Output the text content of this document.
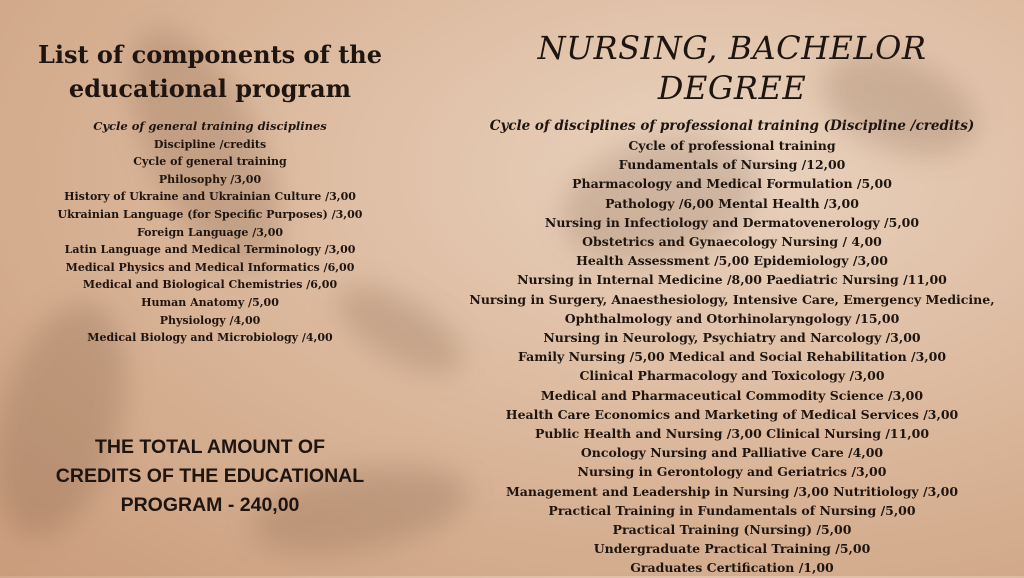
List of components of the
educational program
Cycle of general training disciplines
Discipline /credits
Cycle of general training
Philosophy /3,00
History of Ukraine and Ukrainian Culture /3,00
Ukrainian Language (for Specific Purposes) /3,00
Foreign Language /3,00
Latin Language and Medical Terminology /3,00
Medical Physics and Medical Informatics /6,00
Medical and Biological Chemistries /6,00
Human Anatomy /5,00
Physiology /4,00
Medical Biology and Microbiology /4,00
THE TOTAL AMOUNT OF
CREDITS OF THE EDUCATIONAL
PROGRAM - 240,00
NURSING, BACHELOR DEGREE
Cycle of disciplines of professional training (Discipline /credits)
Cycle of professional training
Fundamentals of Nursing /12,00
Pharmacology and Medical Formulation /5,00
Pathology /6,00 Mental Health /3,00
Nursing in Infectiology and Dermatovenerology /5,00
Obstetrics and Gynaecology Nursing / 4,00
Health Assessment /5,00 Epidemiology /3,00
Nursing in Internal Medicine /8,00 Paediatric Nursing /11,00
Nursing in Surgery, Anaesthesiology, Intensive Care, Emergency Medicine,
Ophthalmology and Otorhinolaryngology /15,00
Nursing in Neurology, Psychiatry and Narcology /3,00
Family Nursing /5,00 Medical and Social Rehabilitation /3,00
Clinical Pharmacology and Toxicology /3,00
Medical and Pharmaceutical Commodity Science /3,00
Health Care Economics and Marketing of Medical Services /3,00
Public Health and Nursing /3,00 Clinical Nursing /11,00
Oncology Nursing and Palliative Care /4,00
Nursing in Gerontology and Geriatrics /3,00
Management and Leadership in Nursing /3,00 Nutritiology /3,00
Practical Training in Fundamentals of Nursing /5,00
Practical Training (Nursing) /5,00
Undergraduate Practical Training /5,00
Graduates Certification /1,00
